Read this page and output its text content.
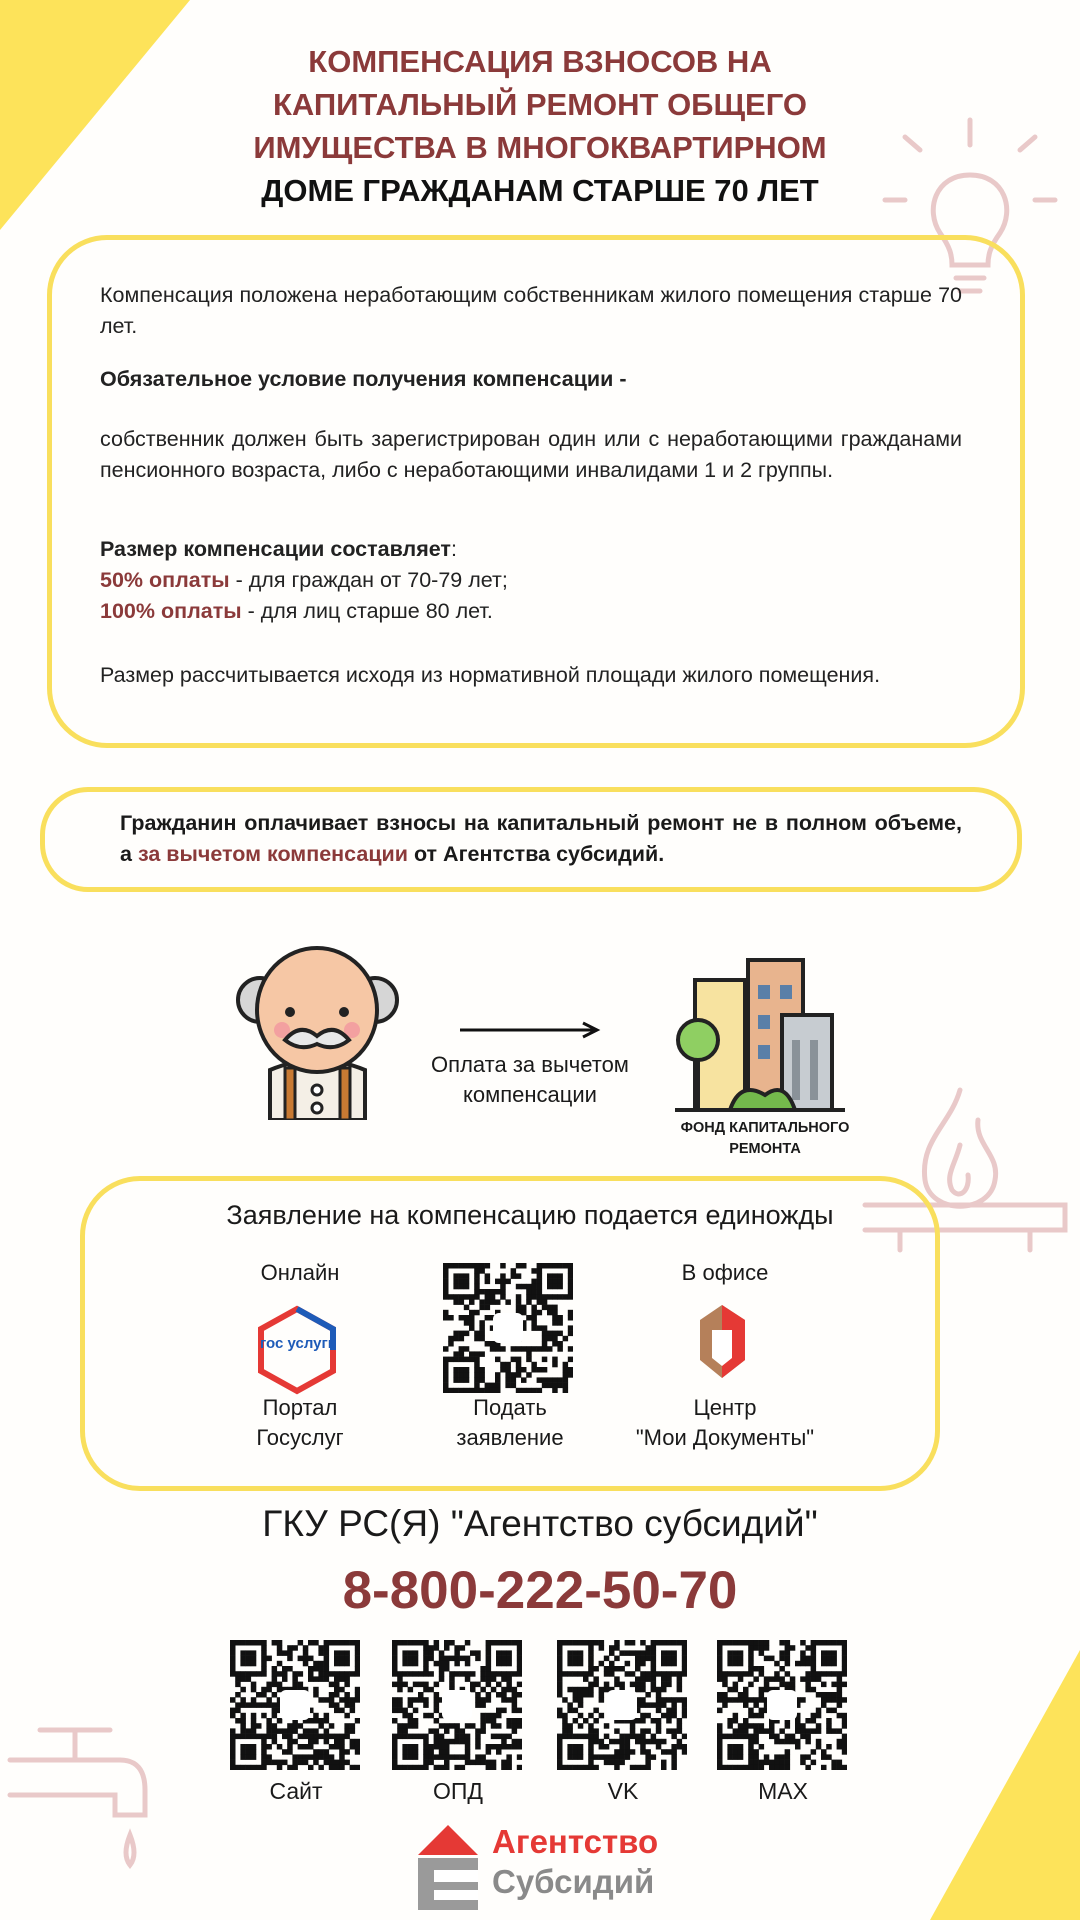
КОМПЕНСАЦИЯ ВЗНОСОВ НА
КАПИТАЛЬНЫЙ РЕМОНТ ОБЩЕГО
ИМУЩЕСТВА В МНОГОКВАРТИРНОМ
ДОМЕ ГРАЖДАНАМ СТАРШЕ 70 ЛЕТ
Компенсация положена неработающим собственникам жилого помещения старше 70 лет.
Обязательное условие получения компенсации -
собственник должен быть зарегистрирован один или с неработающими гражданами пенсионного возраста, либо с неработающими инвалидами 1 и 2 группы.
Размер компенсации составляет:
50% оплаты - для граждан от 70-79 лет;
100% оплаты - для лиц старше 80 лет.
Размер рассчитывается исходя из нормативной площади жилого помещения.
Гражданин оплачивает взносы на капитальный ремонт не в полном объеме, а за вычетом компенсации от Агентства субсидий.
Оплата за вычетом компенсации
ФОНД КАПИТАЛЬНОГО РЕМОНТА
Заявление на компенсацию подается единожды
Онлайн
гос услуги
Портал
Госуслуг
Подать
заявление
В офисе
Центр
"Мои Документы"
ГКУ РС(Я) "Агентство субсидий"
8-800-222-50-70
Сайт	ОПД	VK	MAX
Агентство
Субсидий
